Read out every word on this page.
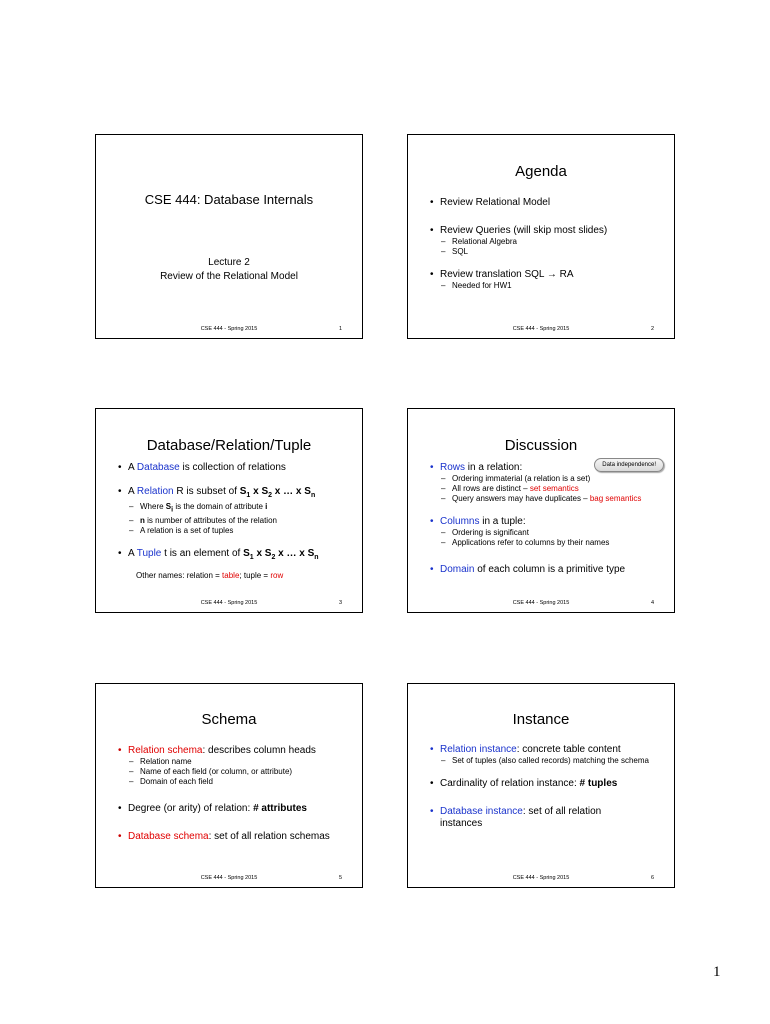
CSE 444: Database Internals
Lecture 2
Review of the Relational Model
CSE 444 - Spring 2015	1
Agenda
• Review Relational Model
• Review Queries (will skip most slides)
– Relational Algebra
– SQL
• Review translation SQL → RA
– Needed for HW1
CSE 444 - Spring 2015	2
Database/Relation/Tuple
• A Database is collection of relations
• A Relation R is subset of $S_1$ x $S_2$ x … x $S_n$
– Where $S_i$ is the domain of attribute i
– n is number of attributes of the relation
– A relation is a set of tuples
• A Tuple t is an element of $S_1$ x $S_2$ x … x $S_n$
Other names: relation = table; tuple = row
CSE 444 - Spring 2015	3
Discussion
Data independence!
• Rows in a relation:
– Ordering immaterial (a relation is a set)
– All rows are distinct – set semantics
– Query answers may have duplicates – bag semantics
• Columns in a tuple:
– Ordering is significant
– Applications refer to columns by their names
• Domain of each column is a primitive type
CSE 444 - Spring 2015	4
Schema
• Relation schema: describes column heads
– Relation name
– Name of each field (or column, or attribute)
– Domain of each field
• Degree (or arity) of relation: # attributes
• Database schema: set of all relation schemas
CSE 444 - Spring 2015	5
Instance
• Relation instance: concrete table content
– Set of tuples (also called records) matching the schema
• Cardinality of relation instance: # tuples
• Database instance: set of all relation instances
CSE 444 - Spring 2015	6
1
